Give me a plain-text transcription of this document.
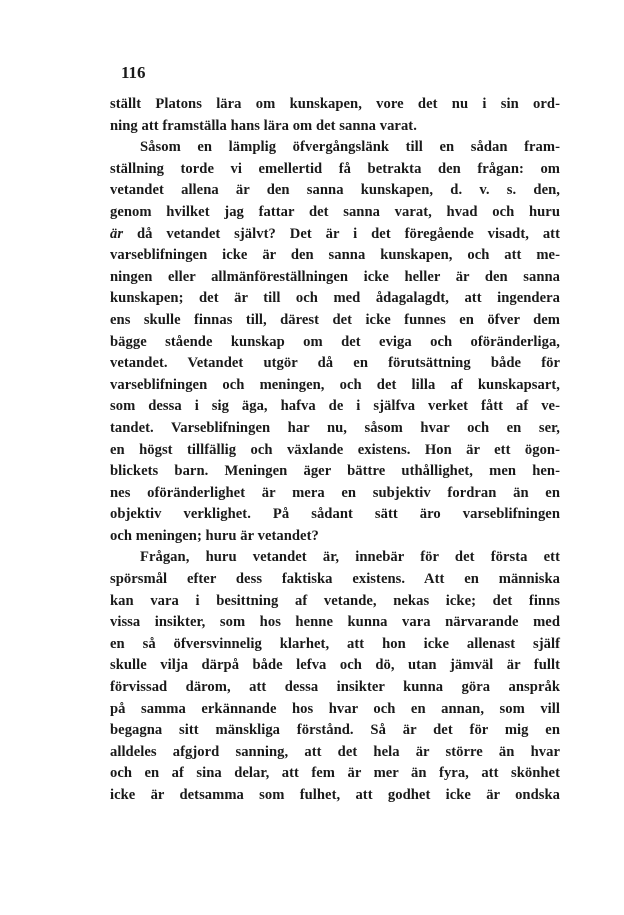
116
ställt Platons lära om kunskapen, vore det nu i sin ord-
ning att framställa hans lära om det sanna varat.
Såsom en lämplig öfvergångslänk till en sådan fram-
ställning torde vi emellertid få betrakta den frågan: om
vetandet allena är den sanna kunskapen, d. v. s. den,
genom hvilket jag fattar det sanna varat, hvad och huru
är då vetandet självt? Det är i det föregående visadt, att
varseblifningen icke är den sanna kunskapen, och att me-
ningen eller allmänföreställningen icke heller är den sanna
kunskapen; det är till och med ådagalagdt, att ingendera
ens skulle finnas till, därest det icke funnes en öfver dem
bägge stående kunskap om det eviga och oföränderliga,
vetandet. Vetandet utgör då en förutsättning både för
varseblifningen och meningen, och det lilla af kunskapsart,
som dessa i sig äga, hafva de i själfva verket fått af ve-
tandet. Varseblifningen har nu, såsom hvar och en ser,
en högst tillfällig och växlande existens. Hon är ett ögon-
blickets barn. Meningen äger bättre uthållighet, men hen-
nes oföränderlighet är mera en subjektiv fordran än en
objektiv verklighet. På sådant sätt äro varseblifningen
och meningen; huru är vetandet?
Frågan, huru vetandet är, innebär för det första ett
spörsmål efter dess faktiska existens. Att en människa
kan vara i besittning af vetande, nekas icke; det finns
vissa insikter, som hos henne kunna vara närvarande med
en så öfversvinnelig klarhet, att hon icke allenast själf
skulle vilja därpå både lefva och dö, utan jämväl är fullt
förvissad därom, att dessa insikter kunna göra anspråk
på samma erkännande hos hvar och en annan, som vill
begagna sitt mänskliga förstånd. Så är det för mig en
alldeles afgjord sanning, att det hela är större än hvar
och en af sina delar, att fem är mer än fyra, att skönhet
icke är detsamma som fulhet, att godhet icke är ondska
